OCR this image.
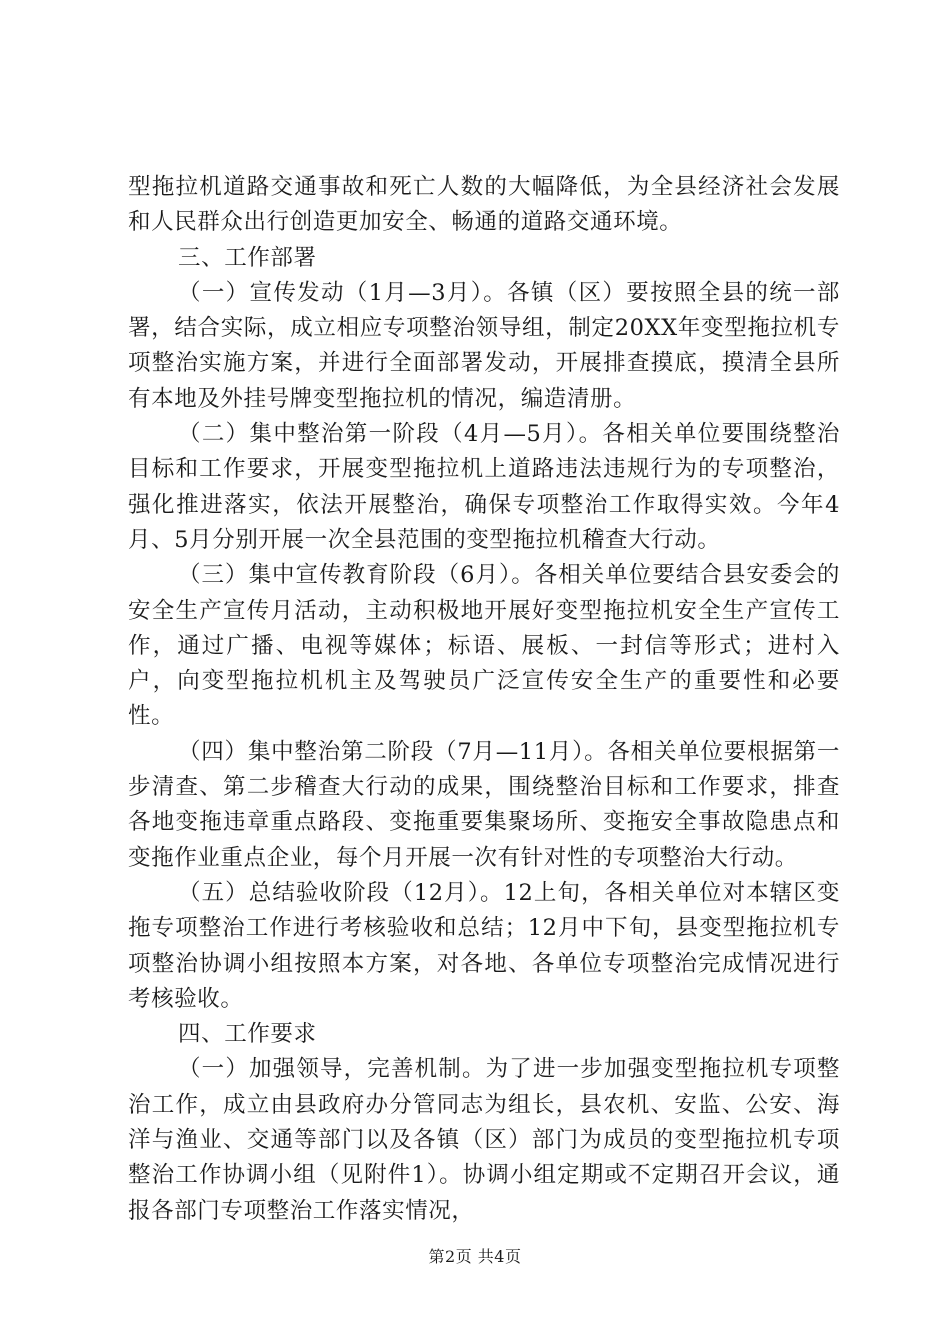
型拖拉机道路交通事故和死亡人数的大幅降低，为全县经济社会发展和人民群众出行创造更加安全、畅通的道路交通环境。

三、工作部署

（一）宣传发动（1月—3月）。各镇（区）要按照全县的统一部署，结合实际，成立相应专项整治领导组，制定20XX年变型拖拉机专项整治实施方案，并进行全面部署发动，开展排查摸底，摸清全县所有本地及外挂号牌变型拖拉机的情况，编造清册。

（二）集中整治第一阶段（4月—5月）。各相关单位要围绕整治目标和工作要求，开展变型拖拉机上道路违法违规行为的专项整治，强化推进落实，依法开展整治，确保专项整治工作取得实效。今年4月、5月分别开展一次全县范围的变型拖拉机稽查大行动。

（三）集中宣传教育阶段（6月）。各相关单位要结合县安委会的安全生产宣传月活动，主动积极地开展好变型拖拉机安全生产宣传工作，通过广播、电视等媒体；标语、展板、一封信等形式；进村入户，向变型拖拉机机主及驾驶员广泛宣传安全生产的重要性和必要性。

（四）集中整治第二阶段（7月—11月）。各相关单位要根据第一步清查、第二步稽查大行动的成果，围绕整治目标和工作要求，排查各地变拖违章重点路段、变拖重要集聚场所、变拖安全事故隐患点和变拖作业重点企业，每个月开展一次有针对性的专项整治大行动。

（五）总结验收阶段（12月）。12上旬，各相关单位对本辖区变拖专项整治工作进行考核验收和总结；12月中下旬，县变型拖拉机专项整治协调小组按照本方案，对各地、各单位专项整治完成情况进行考核验收。

四、工作要求

（一）加强领导，完善机制。为了进一步加强变型拖拉机专项整治工作，成立由县政府办分管同志为组长，县农机、安监、公安、海洋与渔业、交通等部门以及各镇（区）部门为成员的变型拖拉机专项整治工作协调小组（见附件1）。协调小组定期或不定期召开会议，通报各部门专项整治工作落实情况，

第2页 共4页
